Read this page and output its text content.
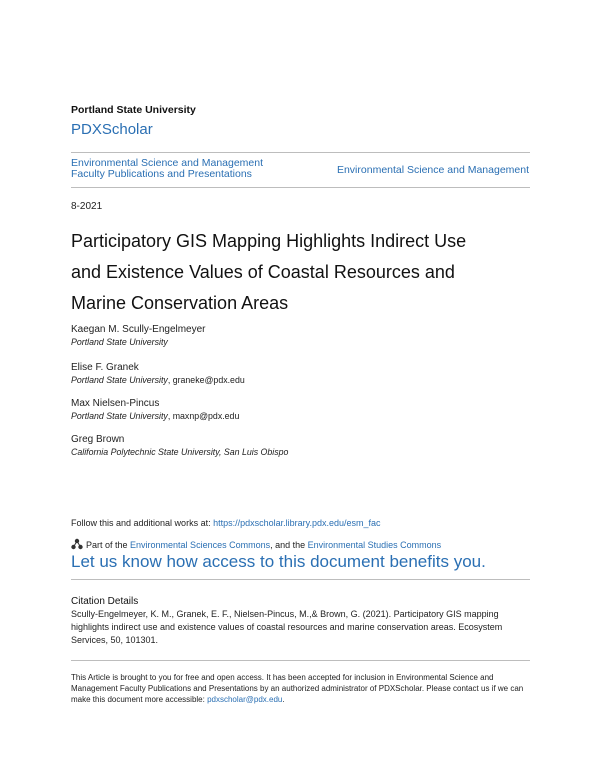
Portland State University
PDXScholar
Environmental Science and Management
Faculty Publications and Presentations	Environmental Science and Management
8-2021
Participatory GIS Mapping Highlights Indirect Use
and Existence Values of Coastal Resources and
Marine Conservation Areas
Kaegan M. Scully-Engelmeyer
Portland State University
Elise F. Granek
Portland State University, graneke@pdx.edu
Max Nielsen-Pincus
Portland State University, maxnp@pdx.edu
Greg Brown
California Polytechnic State University, San Luis Obispo
Follow this and additional works at: https://pdxscholar.library.pdx.edu/esm_fac
Part of the Environmental Sciences Commons, and the Environmental Studies Commons
Let us know how access to this document benefits you.
Citation Details
Scully-Engelmeyer, K. M., Granek, E. F., Nielsen-Pincus, M.,& Brown, G. (2021). Participatory GIS mapping highlights indirect use and existence values of coastal resources and marine conservation areas. Ecosystem Services, 50, 101301.
This Article is brought to you for free and open access. It has been accepted for inclusion in Environmental Science and Management Faculty Publications and Presentations by an authorized administrator of PDXScholar. Please contact us if we can make this document more accessible: pdxscholar@pdx.edu.
